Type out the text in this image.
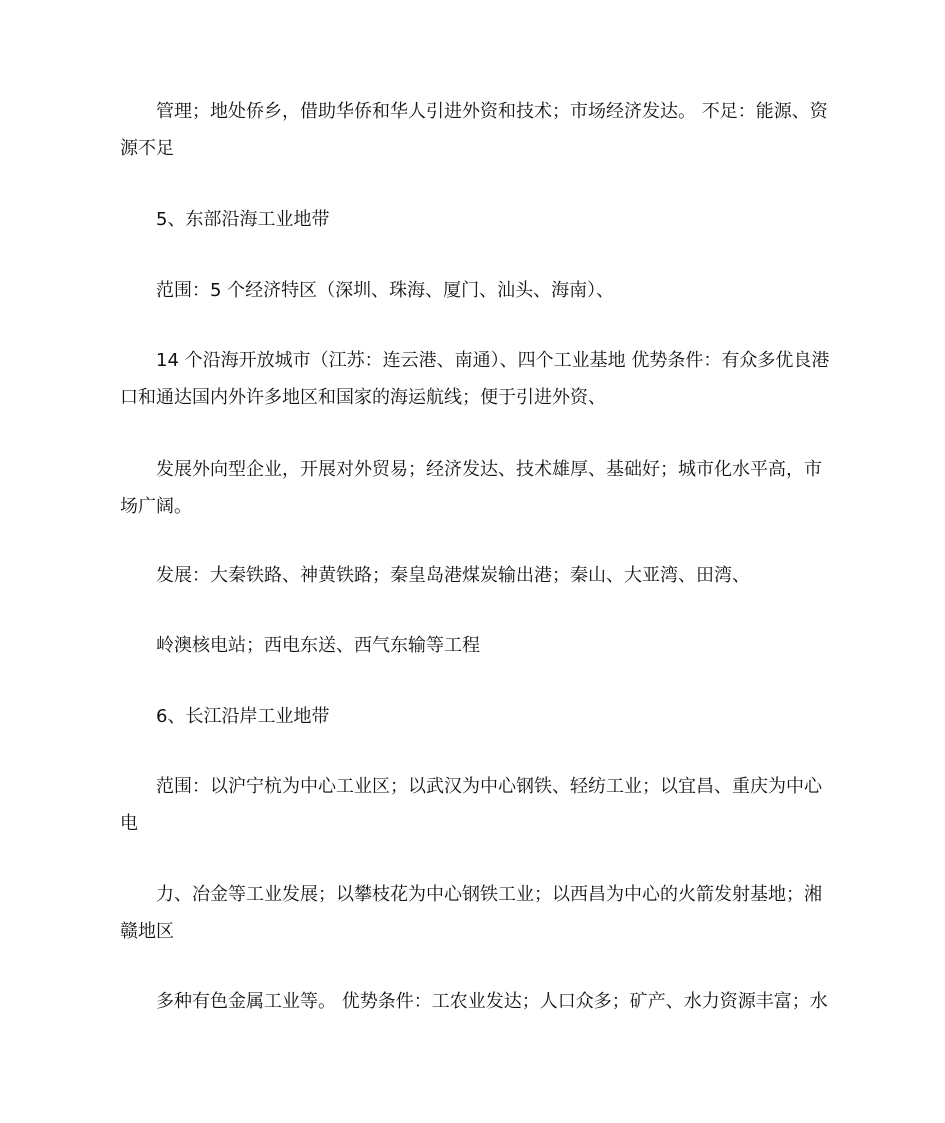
管理；地处侨乡，借助华侨和华人引进外资和技术；市场经济发达。 不足：能源、资源不足

5、东部沿海工业地带

范围：5 个经济特区（深圳、珠海、厦门、汕头、海南）、

14 个沿海开放城市（江苏：连云港、南通）、四个工业基地 优势条件：有众多优良港口和通达国内外许多地区和国家的海运航线；便于引进外资、

发展外向型企业，开展对外贸易；经济发达、技术雄厚、基础好；城市化水平高，市场广阔。

发展：大秦铁路、神黄铁路；秦皇岛港煤炭输出港；秦山、大亚湾、田湾、

岭澳核电站；西电东送、西气东输等工程

6、长江沿岸工业地带

范围：以沪宁杭为中心工业区；以武汉为中心钢铁、轻纺工业；以宜昌、重庆为中心电

力、冶金等工业发展；以攀枝花为中心钢铁工业；以西昌为中心的火箭发射基地；湘赣地区

多种有色金属工业等。 优势条件：工农业发达；人口众多；矿产、水力资源丰富；水
